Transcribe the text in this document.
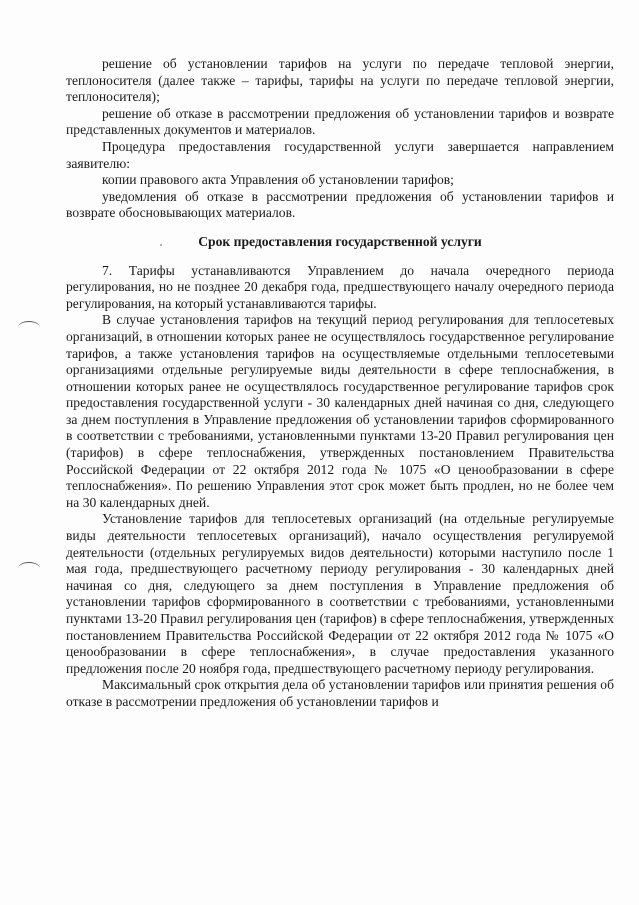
решение об установлении тарифов на услуги по передаче тепловой энергии, теплоносителя (далее также – тарифы, тарифы на услуги по передаче тепловой энергии, теплоносителя);

решение об отказе в рассмотрении предложения об установлении тарифов и возврате представленных документов и материалов.

Процедура предоставления государственной услуги завершается направлением заявителю:

копии правового акта Управления об установлении тарифов;

уведомления об отказе в рассмотрении предложения об установлении тарифов и возврате обосновывающих материалов.

Срок предоставления государственной услуги

7. Тарифы устанавливаются Управлением до начала очередного периода регулирования, но не позднее 20 декабря года, предшествующего началу очередного периода регулирования, на который устанавливаются тарифы.

В случае установления тарифов на текущий период регулирования для теплосетевых организаций, в отношении которых ранее не осуществлялось государственное регулирование тарифов, а также установления тарифов на осуществляемые отдельными теплосетевыми организациями отдельные регулируемые виды деятельности в сфере теплоснабжения, в отношении которых ранее не осуществлялось государственное регулирование тарифов срок предоставления государственной услуги - 30 календарных дней начиная со дня, следующего за днем поступления в Управление предложения об установлении тарифов сформированного в соответствии с требованиями, установленными пунктами 13-20 Правил регулирования цен (тарифов) в сфере теплоснабжения, утвержденных постановлением Правительства Российской Федерации от 22 октября 2012 года № 1075 «О ценообразовании в сфере теплоснабжения». По решению Управления этот срок может быть продлен, но не более чем на 30 календарных дней.

Установление тарифов для теплосетевых организаций (на отдельные регулируемые виды деятельности теплосетевых организаций), начало осуществления регулируемой деятельности (отдельных регулируемых видов деятельности) которыми наступило после 1 мая года, предшествующего расчетному периоду регулирования - 30 календарных дней начиная со дня, следующего за днем поступления в Управление предложения об установлении тарифов сформированного в соответствии с требованиями, установленными пунктами 13-20 Правил регулирования цен (тарифов) в сфере теплоснабжения, утвержденных постановлением Правительства Российской Федерации от 22 октября 2012 года № 1075 «О ценообразовании в сфере теплоснабжения», в случае предоставления указанного предложения после 20 ноября года, предшествующего расчетному периоду регулирования.

Максимальный срок открытия дела об установлении тарифов или принятия решения об отказе в рассмотрении предложения об установлении тарифов и
